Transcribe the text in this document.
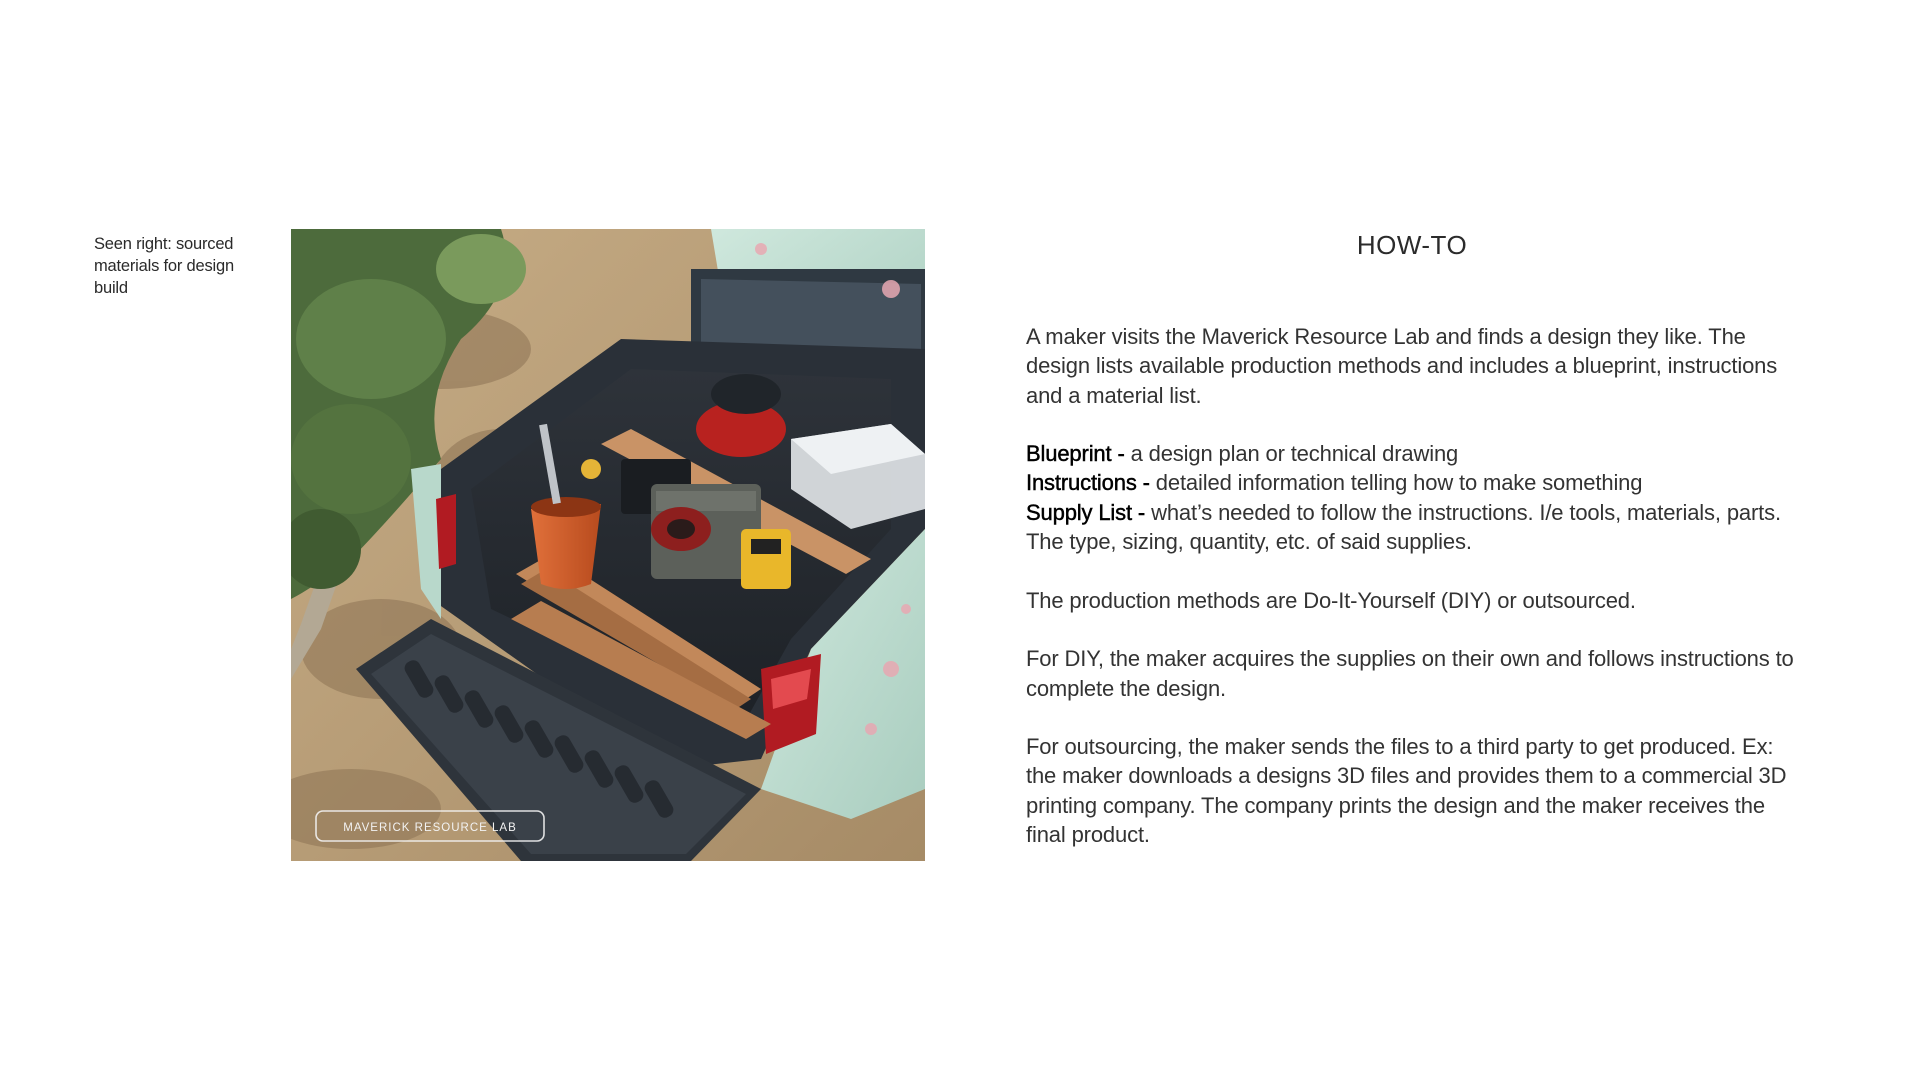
Seen right: sourced materials for design build
MAVERICK RESOURCE LAB
HOW-TO

A maker visits the Maverick Resource Lab and finds a design they like. The design lists available production methods and includes a blueprint, instructions and a material list.

Blueprint - a design plan or technical drawing
Instructions - detailed information telling how to make something
Supply List - what’s needed to follow the instructions. I/e tools, materials, parts. The type, sizing, quantity, etc. of said supplies.

The production methods are Do-It-Yourself (DIY) or outsourced.

For DIY, the maker acquires the supplies on their own and follows instructions to complete the design.

For outsourcing, the maker sends the files to a third party to get produced. Ex: the maker downloads a designs 3D files and provides them to a commercial 3D printing company. The company prints the design and the maker receives the final product.
